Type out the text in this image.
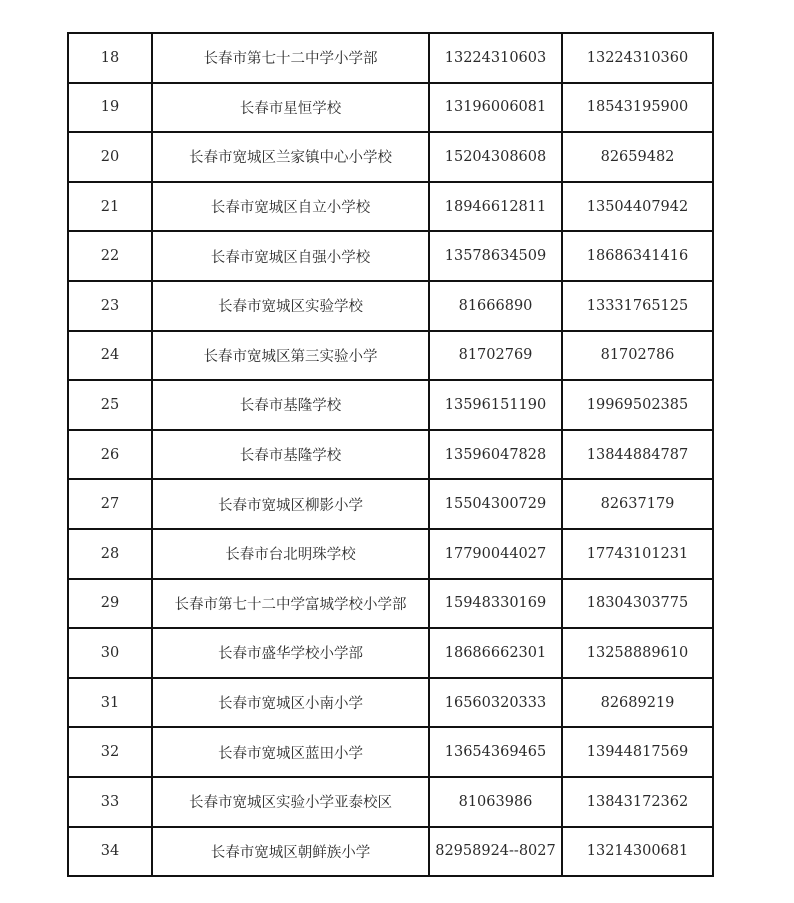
18	长春市第七十二中学小学部	13224310603	13224310360
19	长春市星恒学校	13196006081	18543195900
20	长春市宽城区兰家镇中心小学校	15204308608	82659482
21	长春市宽城区自立小学校	18946612811	13504407942
22	长春市宽城区自强小学校	13578634509	18686341416
23	长春市宽城区实验学校	81666890	13331765125
24	长春市宽城区第三实验小学	81702769	81702786
25	长春市基隆学校	13596151190	19969502385
26	长春市基隆学校	13596047828	13844884787
27	长春市宽城区柳影小学	15504300729	82637179
28	长春市台北明珠学校	17790044027	17743101231
29	长春市第七十二中学富城学校小学部	15948330169	18304303775
30	长春市盛华学校小学部	18686662301	13258889610
31	长春市宽城区小南小学	16560320333	82689219
32	长春市宽城区蓝田小学	13654369465	13944817569
33	长春市宽城区实验小学亚泰校区	81063986	13843172362
34	长春市宽城区朝鲜族小学	82958924--8027	13214300681
